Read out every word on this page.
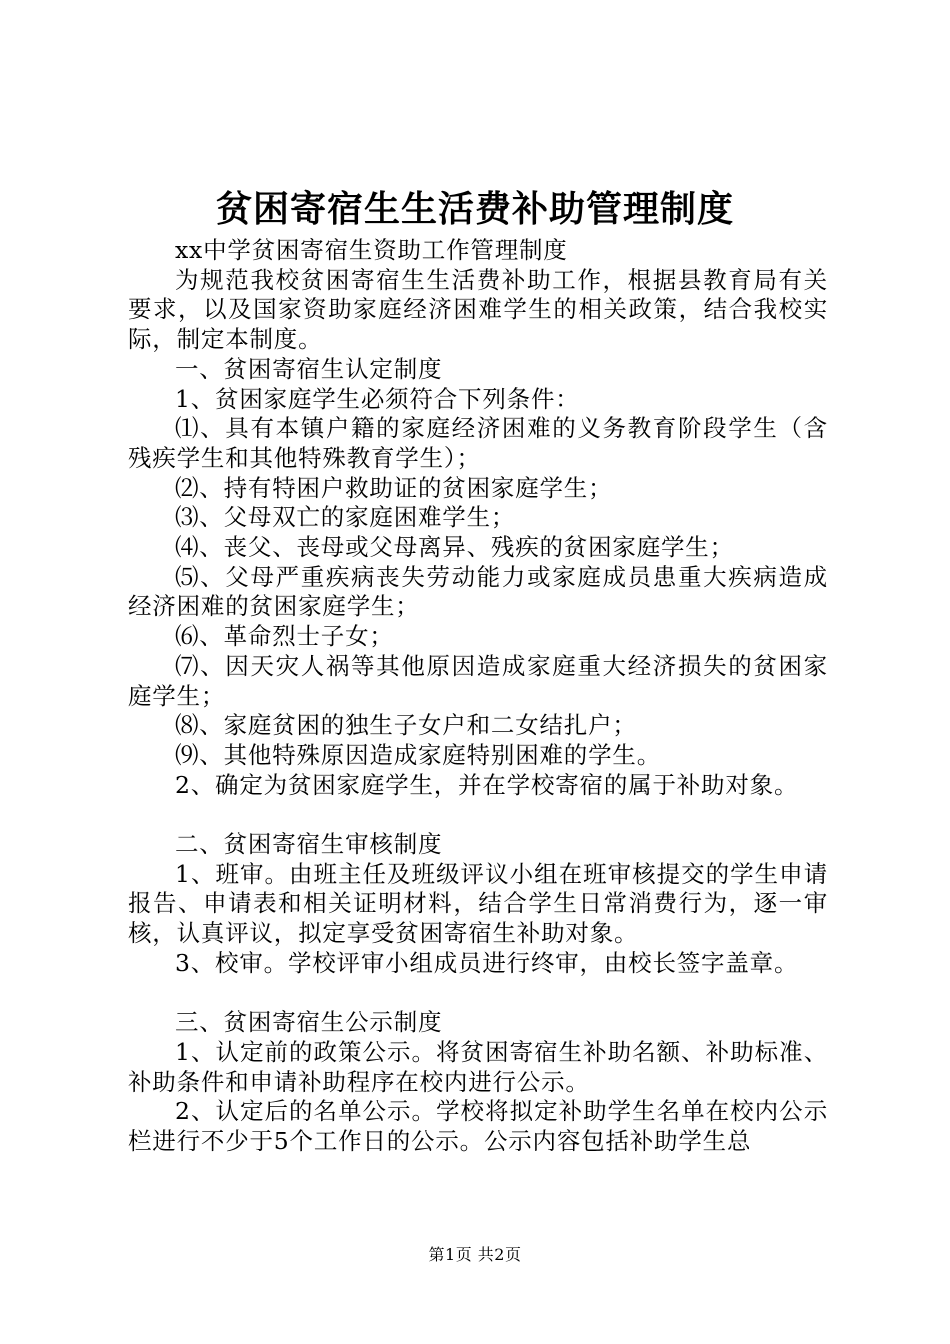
贫困寄宿生生活费补助管理制度

xx中学贫困寄宿生资助工作管理制度

为规范我校贫困寄宿生生活费补助工作，根据县教育局有关要求，以及国家资助家庭经济困难学生的相关政策，结合我校实际，制定本制度。

一、贫困寄宿生认定制度

1、贫困家庭学生必须符合下列条件：

⑴、具有本镇户籍的家庭经济困难的义务教育阶段学生（含残疾学生和其他特殊教育学生）；

⑵、持有特困户救助证的贫困家庭学生；

⑶、父母双亡的家庭困难学生；

⑷、丧父、丧母或父母离异、残疾的贫困家庭学生；

⑸、父母严重疾病丧失劳动能力或家庭成员患重大疾病造成经济困难的贫困家庭学生；

⑹、革命烈士子女；

⑺、因天灾人祸等其他原因造成家庭重大经济损失的贫困家庭学生；

⑻、家庭贫困的独生子女户和二女结扎户；

⑼、其他特殊原因造成家庭特别困难的学生。

2、确定为贫困家庭学生，并在学校寄宿的属于补助对象。

二、贫困寄宿生审核制度

1、班审。由班主任及班级评议小组在班审核提交的学生申请报告、申请表和相关证明材料，结合学生日常消费行为，逐一审核，认真评议，拟定享受贫困寄宿生补助对象。

3、校审。学校评审小组成员进行终审，由校长签字盖章。

三、贫困寄宿生公示制度

1、认定前的政策公示。将贫困寄宿生补助名额、补助标准、补助条件和申请补助程序在校内进行公示。

2、认定后的名单公示。学校将拟定补助学生名单在校内公示栏进行不少于5个工作日的公示。公示内容包括补助学生总

第1页 共2页
